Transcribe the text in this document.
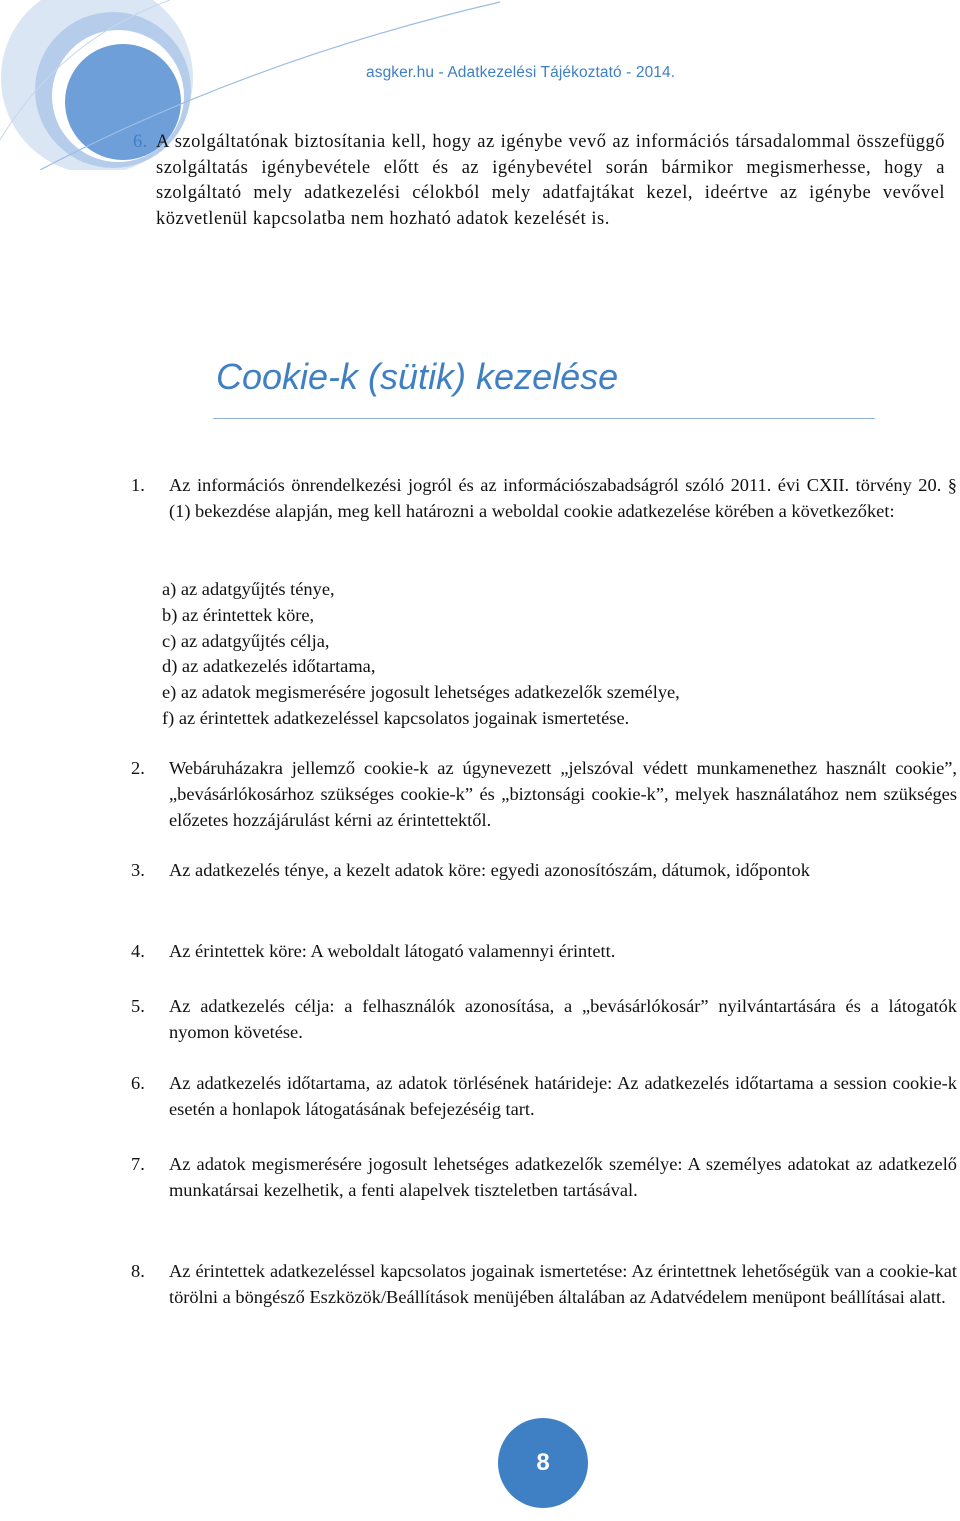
asgker.hu - Adatkezelési Tájékoztató - 2014.
6. A szolgáltatónak biztosítania kell, hogy az igénybe vevő az információs társadalommal összefüggő szolgáltatás igénybevétele előtt és az igénybevétel során bármikor megismerhesse, hogy a szolgáltató mely adatkezelési célokból mely adatfajtákat kezel, ideértve az igénybe vevővel közvetlenül kapcsolatba nem hozható adatok kezelését is.
Cookie-k (sütik) kezelése
1.	Az információs önrendelkezési jogról és az információszabadságról szóló 2011. évi CXII. törvény 20. § (1) bekezdése alapján, meg kell határozni a weboldal cookie adatkezelése körében a következőket:
a) az adatgyűjtés ténye,
b) az érintettek köre,
c) az adatgyűjtés célja,
d) az adatkezelés időtartama,
e) az adatok megismerésére jogosult lehetséges adatkezelők személye,
f) az érintettek adatkezeléssel kapcsolatos jogainak ismertetése.
2.	Webáruházakra jellemző cookie-k az úgynevezett „jelszóval védett munkamenethez használt cookie”, „bevásárlókosárhoz szükséges cookie-k” és „biztonsági cookie-k”, melyek használatához nem szükséges előzetes hozzájárulást kérni az érintettektől.
3.	Az adatkezelés ténye, a kezelt adatok köre: egyedi azonosítószám, dátumok, időpontok
4.	Az érintettek köre: A weboldalt látogató valamennyi érintett.
5.	Az adatkezelés célja: a felhasználók azonosítása, a „bevásárlókosár” nyilvántartására és a látogatók nyomon követése.
6.	Az adatkezelés időtartama, az adatok törlésének határideje: Az adatkezelés időtartama a session cookie-k esetén a honlapok látogatásának befejezéséig tart.
7.	Az adatok megismerésére jogosult lehetséges adatkezelők személye: A személyes adatokat az adatkezelő munkatársai kezelhetik, a fenti alapelvek tiszteletben tartásával.
8.	Az érintettek adatkezeléssel kapcsolatos jogainak ismertetése: Az érintettnek lehetőségük van a cookie-kat törölni a böngésző Eszközök/Beállítások menüjében általában az Adatvédelem menüpont beállításai alatt.
8
